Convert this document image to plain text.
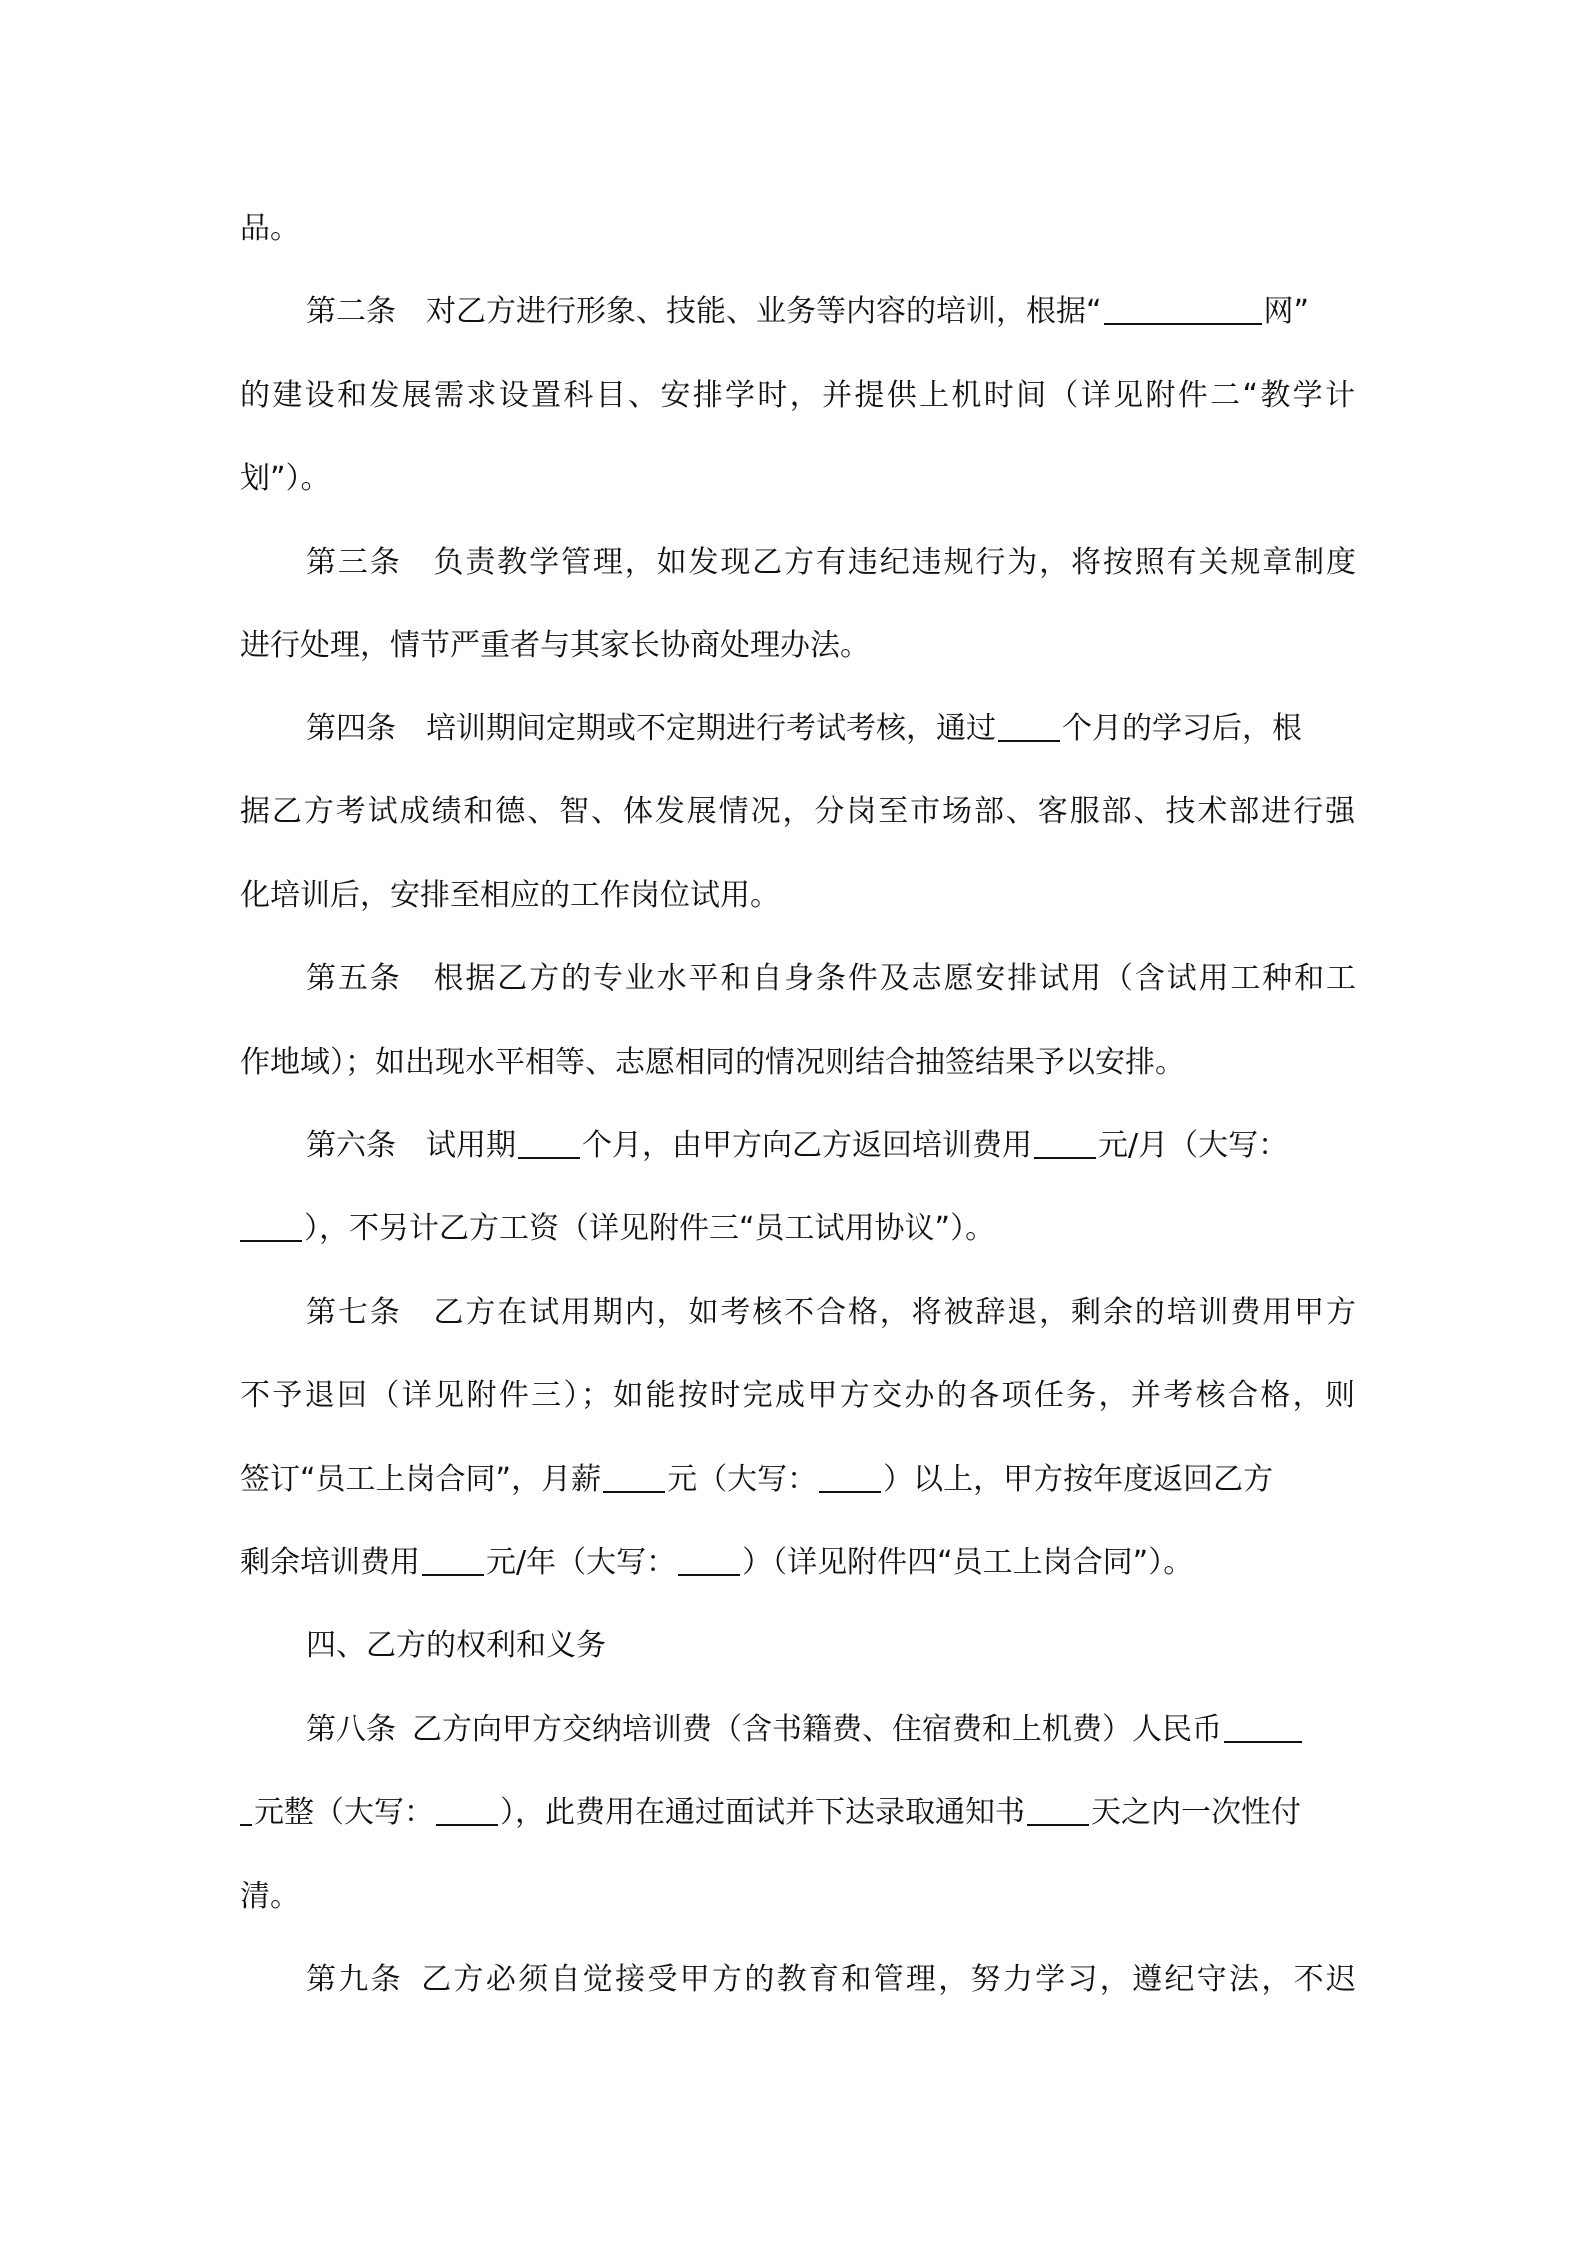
品。
第二条 对乙方进行形象、技能、业务等内容的培训，根据“	网”
的建设和发展需求设置科目、安排学时，并提供上机时间（详见附件二“教学计
划”）。
第三条 负责教学管理，如发现乙方有违纪违规行为，将按照有关规章制度
进行处理，情节严重者与其家长协商处理办法。
第四条 培训期间定期或不定期进行考试考核，通过 个月的学习后，根
据乙方考试成绩和德、智、体发展情况，分岗至市场部、客服部、技术部进行强
化培训后，安排至相应的工作岗位试用。
第五条 根据乙方的专业水平和自身条件及志愿安排试用（含试用工种和工
作地域）；如出现水平相等、志愿相同的情况则结合抽签结果予以安排。
第六条 试用期 个月，由甲方向乙方返回培训费用 元/月（大写：
），不另计乙方工资（详见附件三“员工试用协议”）。
第七条 乙方在试用期内，如考核不合格，将被辞退，剩余的培训费用甲方
不予退回（详见附件三）；如能按时完成甲方交办的各项任务，并考核合格，则
签订“员工上岗合同”，月薪 元（大写： ）以上，甲方按年度返回乙方
剩余培训费用 元/年（大写： ）（详见附件四“员工上岗合同”）。
四、乙方的权利和义务
第八条 乙方向甲方交纳培训费（含书籍费、住宿费和上机费）人民币
元整（大写： ），此费用在通过面试并下达录取通知书 天之内一次性付
清。
第九条 乙方必须自觉接受甲方的教育和管理，努力学习，遵纪守法，不迟
